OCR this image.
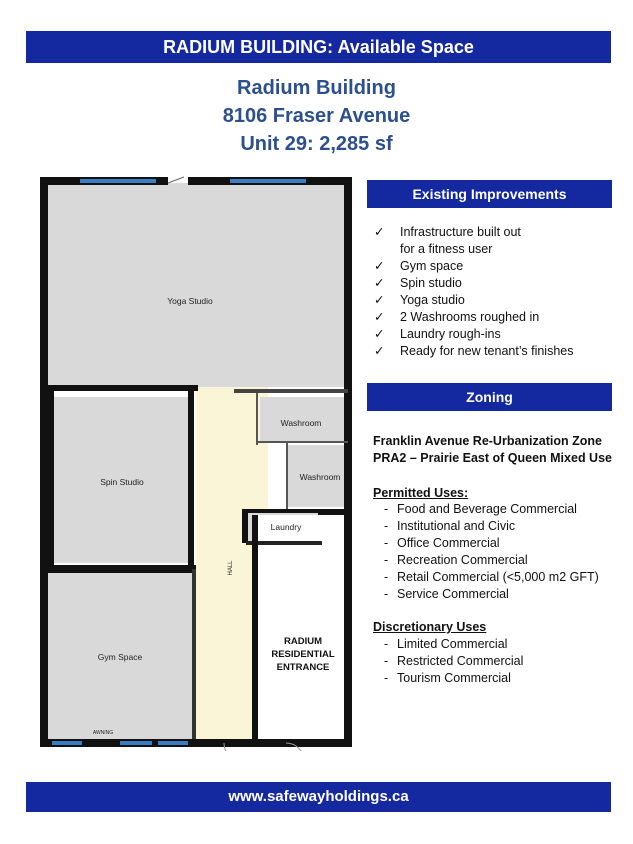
RADIUM BUILDING: Available Space
Radium Building
8106 Fraser Avenue
Unit 29: 2,285 sf
Yoga Studio
Spin Studio
Gym Space
Washroom
Washroom
Laundry
HALL
AWNING
RADIUM
RESIDENTIAL
ENTRANCE
Existing Improvements
✓ Infrastructure built out
for a fitness user
✓ Gym space
✓ Spin studio
✓ Yoga studio
✓ 2 Washrooms roughed in
✓ Laundry rough-ins
✓ Ready for new tenant’s finishes
Zoning
Franklin Avenue Re-Urbanization Zone
PRA2 – Prairie East of Queen Mixed Use
Permitted Uses:
- Food and Beverage Commercial
- Institutional and Civic
- Office Commercial
- Recreation Commercial
- Retail Commercial (<5,000 m2 GFT)
- Service Commercial
Discretionary Uses
- Limited Commercial
- Restricted Commercial
- Tourism Commercial
www.safewayholdings.ca
